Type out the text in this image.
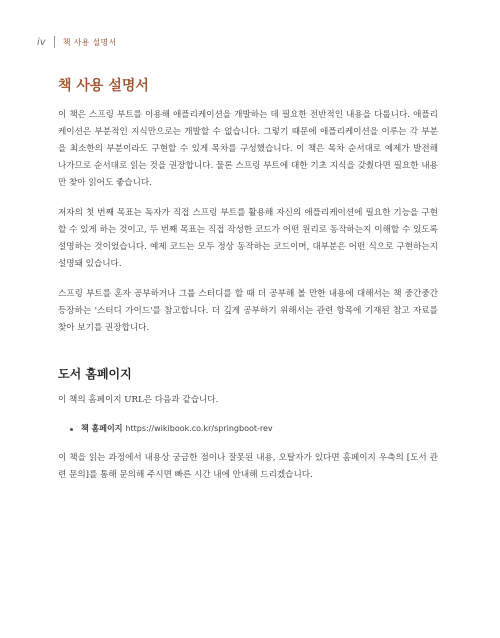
iv 책 사용 설명서
책 사용 설명서

이 책은 스프링 부트를 이용해 애플리케이션을 개발하는 데 필요한 전반적인 내용을 다룹니다. 애플리케이션은 부분적인 지식만으로는 개발할 수 없습니다. 그렇기 때문에 애플리케이션을 이루는 각 부분을 최소한의 부분이라도 구현할 수 있게 목차를 구성했습니다. 이 책은 목차 순서대로 예제가 발전해 나가므로 순서대로 읽는 것을 권장합니다. 물론 스프링 부트에 대한 기초 지식을 갖췄다면 필요한 내용만 찾아 읽어도 좋습니다.

저자의 첫 번째 목표는 독자가 직접 스프링 부트를 활용해 자신의 애플리케이션에 필요한 기능을 구현할 수 있게 하는 것이고, 두 번째 목표는 직접 작성한 코드가 어떤 원리로 동작하는지 이해할 수 있도록 설명하는 것이었습니다. 예제 코드는 모두 정상 동작하는 코드이며, 대부분은 어떤 식으로 구현하는지 설명돼 있습니다.

스프링 부트를 혼자 공부하거나 그룹 스터디를 할 때 더 공부해 볼 만한 내용에 대해서는 책 중간중간 등장하는 '스터디 가이드'를 참고합니다. 더 깊게 공부하기 위해서는 관련 항목에 기재된 참고 자료를 찾아 보기를 권장합니다.

도서 홈페이지

이 책의 홈페이지 URL은 다음과 같습니다.

책 홈페이지 https://wikibook.co.kr/springboot-rev

이 책을 읽는 과정에서 내용상 궁금한 점이나 잘못된 내용, 오탈자가 있다면 홈페이지 우측의 [도서 관련 문의]를 통해 문의해 주시면 빠른 시간 내에 안내해 드리겠습니다.
